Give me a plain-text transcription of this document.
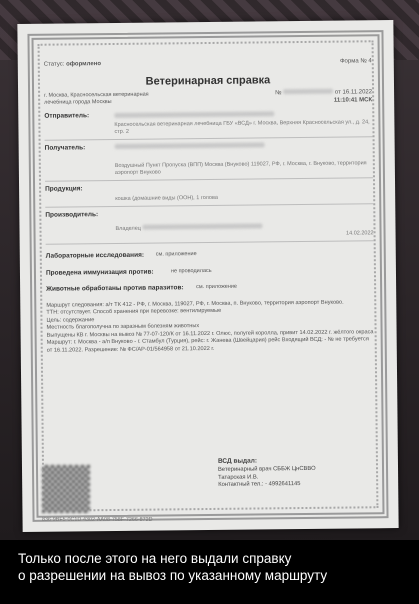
Статус: оформлено	Форма № 4
Ветеринарная справка
г. Москва, Красносельская ветеринарная лечебница города Москвы
№	от 16.11.2022
11:10:41 МСК
Отправитель:
Красносельская ветеринарная лечебница ГБУ «ВСД» г. Москва, Верхняя Красносельская ул., д. 24, стр. 2
Получатель:
Воздушный Пункт Пропуска (ВПП) Москва (Внуково) 119027, РФ, г. Москва, г. Внуково, территория аэропорт Внуково
Продукция:
кошка (домашние виды (ООН), 1 голова
Производитель:
Владелец
14.02.2022
Лабораторные исследования:	см. приложение
Проведена иммунизация против:	не проводилась
Животные обработаны против паразитов:	см. приложение
Маршрут следования: а/т ТК 412 - РФ, г. Москва, 119027, РФ, г. Москва, п. Внуково, территория аэропорт Внуково.
ТТН: отсутствует. Способ хранения при перевозке: вентилируемые
Цель: содержание
Местность благополучна по заразным болезням животных
Выпущены КВ г. Москвы на вывоз № 77-07-120/К от 16.11.2022 г. Олюс, полугей королла, привит 14.02.2022 г. жёлтого окраса Маршрут: г. Москва - а/п Внуково - г. Стамбул (Турция), рейс: г. Жанева (Швейцария) рейс Входящий ВСД: - № не требуется от 16.11.2022. Разрешение: № ФС/АР-01/564958 от 21.10.2022 г.
ВСД выдал:
Ветеринарный врач СББЖ ЦнСВВО
Татарская И.В.
Контактный тел.: - 4992641145
836-9BF5-0C1D-4302-AA08-758F-7266-872D
Только после этого на него выдали справку
о разрешении на вывоз по указанному маршруту
